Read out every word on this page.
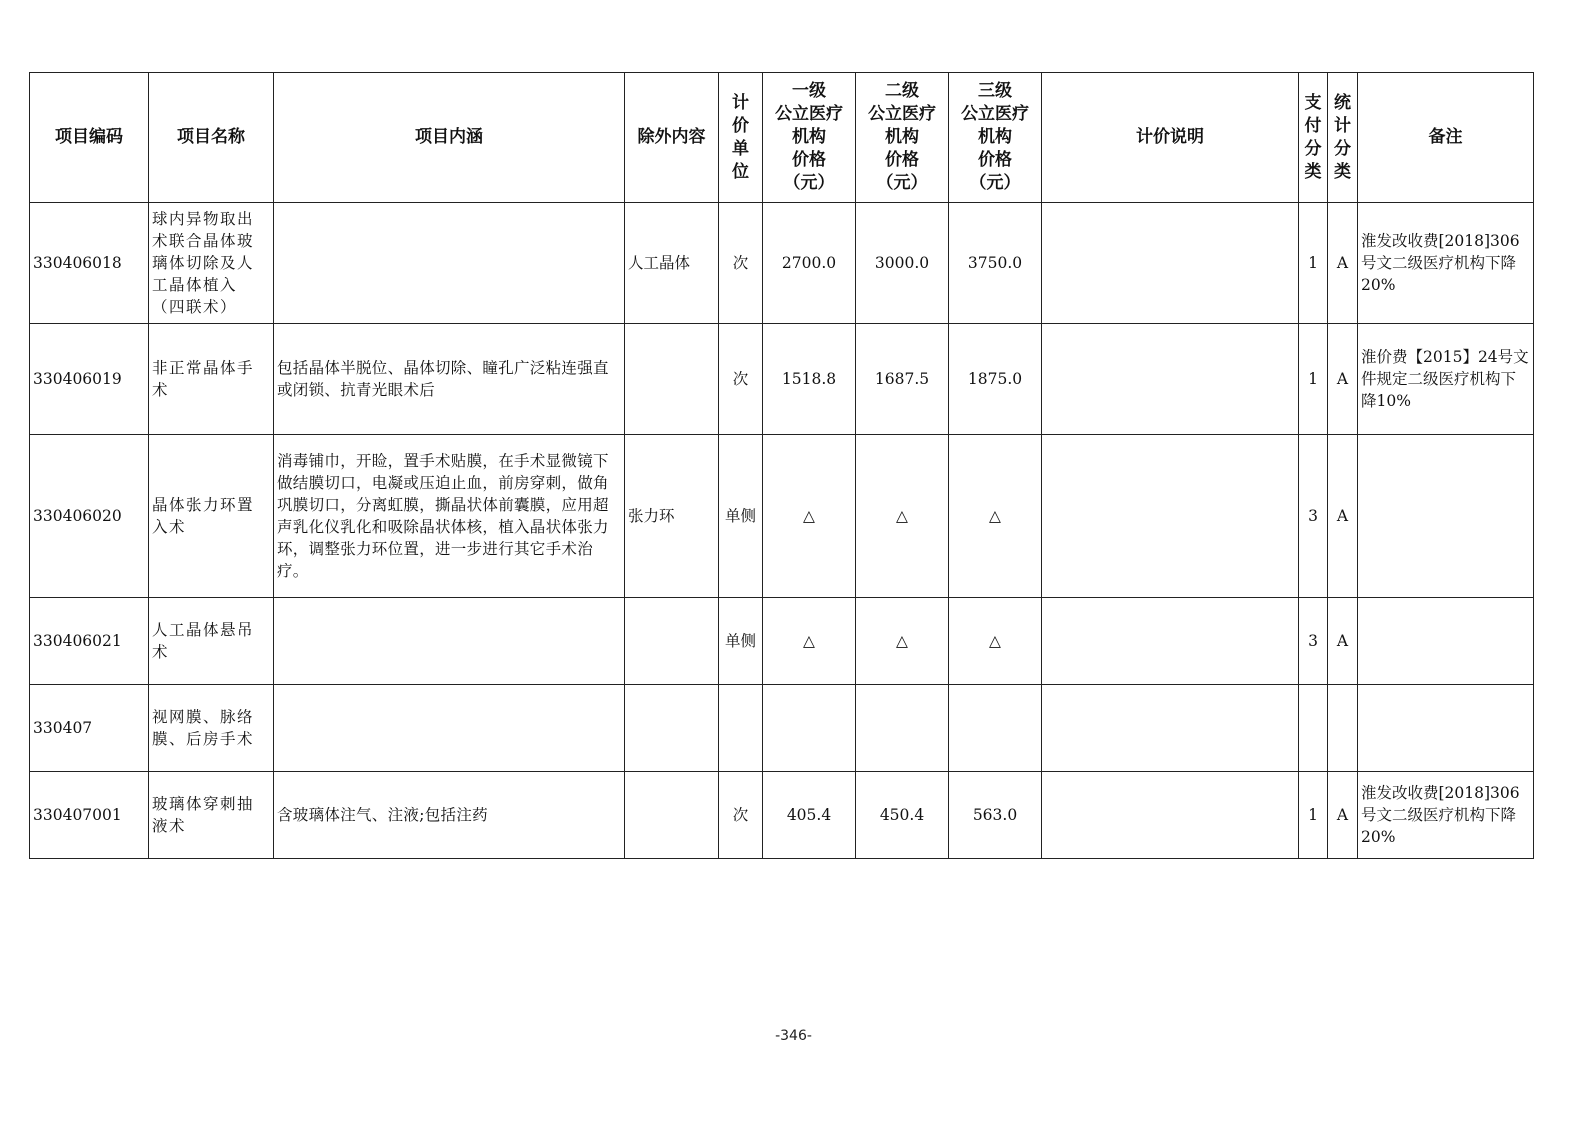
项目编码	项目名称	项目内涵	除外内容	计
价
单
位	一级
公立医疗
机构
价格
（元）	二级
公立医疗
机构
价格
（元）	三级
公立医疗
机构
价格
（元）	计价说明	支
付
分
类	统
计
分
类	备注
330406018	球内异物取出术联合晶体玻璃体切除及人工晶体植入（四联术）		人工晶体	次	2700.0	3000.0	3750.0		1	A	淮发改收费[2018]306号文二级医疗机构下降20%
330406019	非正常晶体手术	包括晶体半脱位、晶体切除、瞳孔广泛粘连强直或闭锁、抗青光眼术后		次	1518.8	1687.5	1875.0		1	A	淮价费【2015】24号文件规定二级医疗机构下降10%
330406020	晶体张力环置入术	消毒铺巾，开睑，置手术贴膜，在手术显微镜下做结膜切口，电凝或压迫止血，前房穿刺，做角巩膜切口，分离虹膜，撕晶状体前囊膜，应用超声乳化仪乳化和吸除晶状体核，植入晶状体张力环，调整张力环位置，进一步进行其它手术治疗。	张力环	单侧	△	△	△		3	A	
330406021	人工晶体悬吊术			单侧	△	△	△		3	A	
330407	视网膜、脉络膜、后房手术										
330407001	玻璃体穿刺抽液术	含玻璃体注气、注液;包括注药		次	405.4	450.4	563.0		1	A	淮发改收费[2018]306号文二级医疗机构下降20%
-346-
